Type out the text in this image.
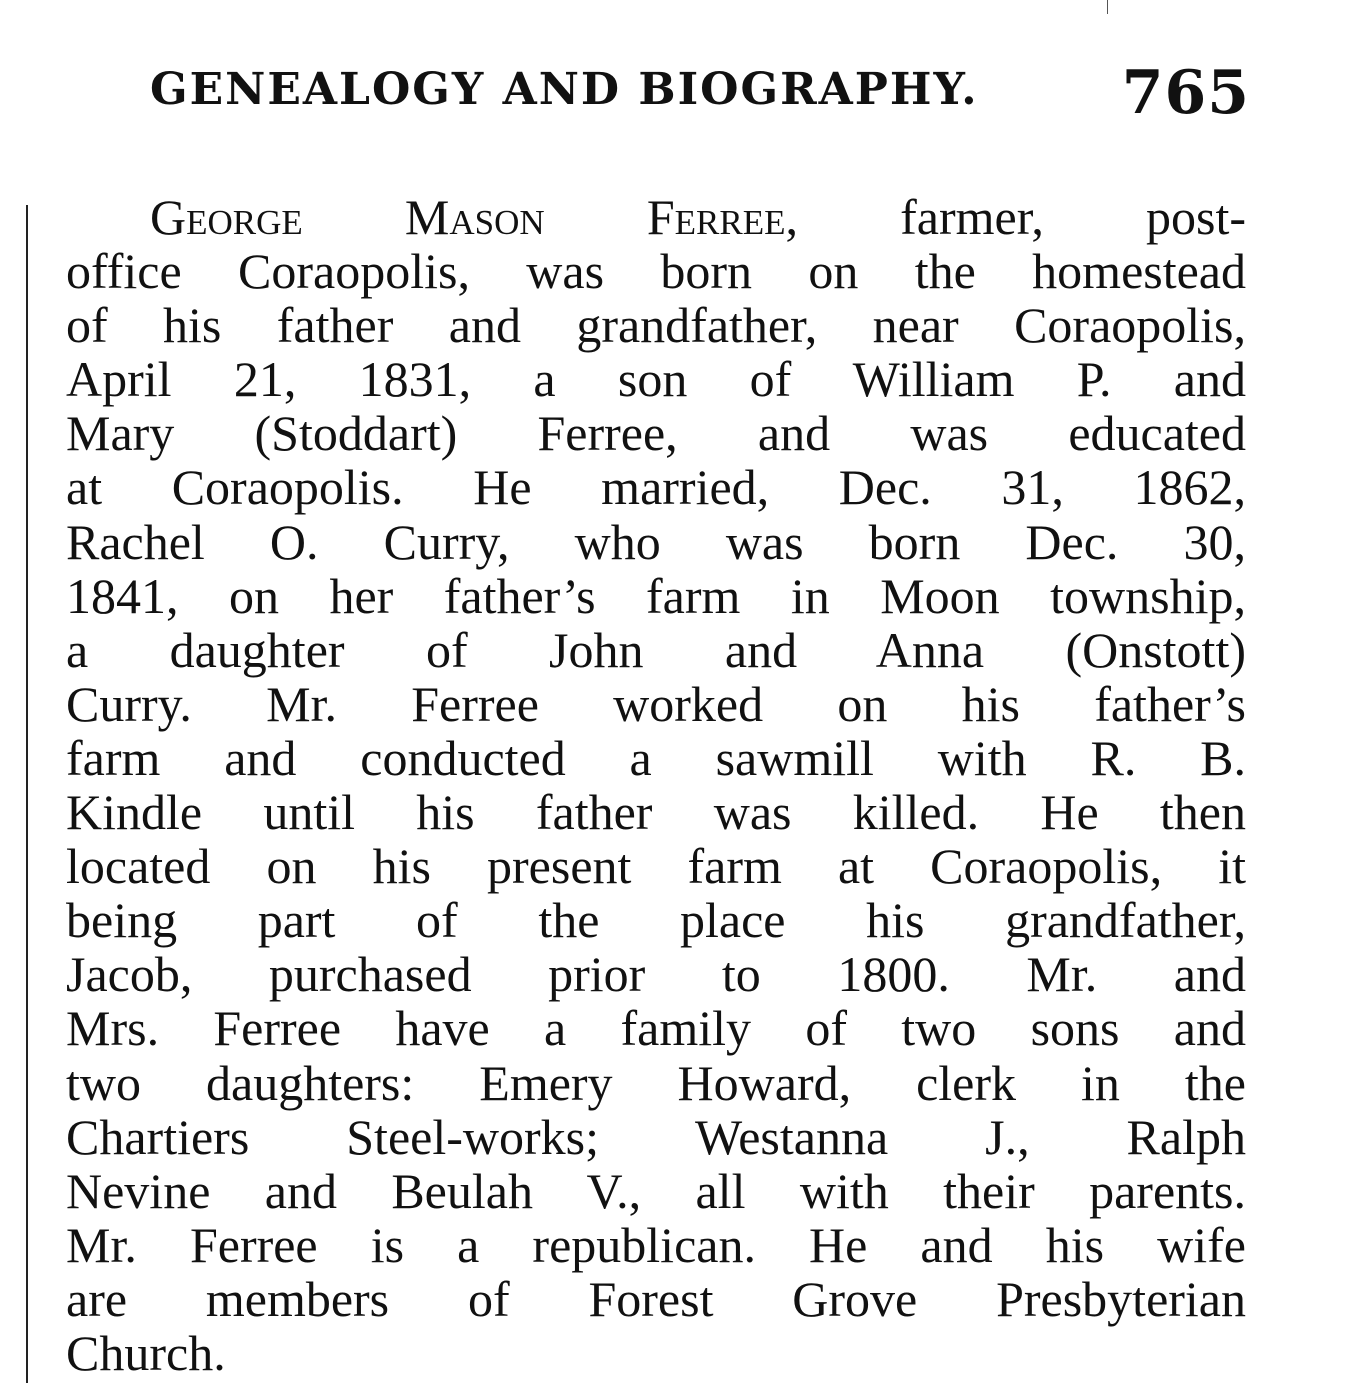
GENEALOGY AND BIOGRAPHY. 765
George Mason Ferree, farmer, post-
office Coraopolis, was born on the homestead
of his father and grandfather, near Coraopolis,
April 21, 1831, a son of William P. and
Mary (Stoddart) Ferree, and was educated
at Coraopolis. He married, Dec. 31, 1862,
Rachel O. Curry, who was born Dec. 30,
1841, on her father’s farm in Moon township,
a daughter of John and Anna (Onstott)
Curry. Mr. Ferree worked on his father’s
farm and conducted a sawmill with R. B.
Kindle until his father was killed. He then
located on his present farm at Coraopolis, it
being part of the place his grandfather,
Jacob, purchased prior to 1800. Mr. and
Mrs. Ferree have a family of two sons and
two daughters: Emery Howard, clerk in the
Chartiers Steel-works; Westanna J., Ralph
Nevine and Beulah V., all with their parents.
Mr. Ferree is a republican. He and his wife
are members of Forest Grove Presbyterian
Church.
